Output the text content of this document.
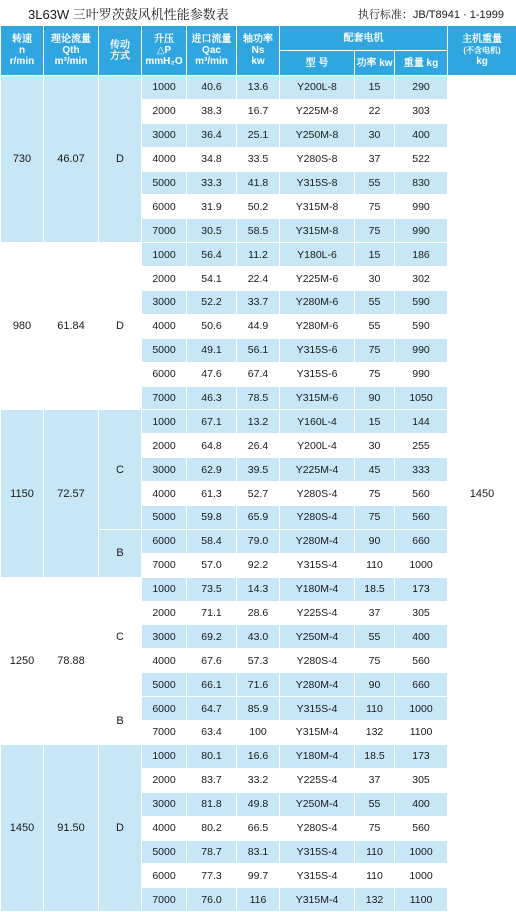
3L63W 三叶罗茨鼓风机性能参数表	执行标准：JB/T8941 · 1-1999
转速
n
r/min	理论流量
Qth
m³/min	传动
方式	升压
△P
mmH₂O	进口流量
Qac
m³/min	轴功率
Ns
kw	配套电机			主机重量
(不含电机)
kg
						型 号	功率 kw	重量 kg	
730	46.07	D	1000	40.6	13.6	Y200L-8	15	290	1450
			2000	38.3	16.7	Y225M-8	22	303	
			3000	36.4	25.1	Y250M-8	30	400	
			4000	34.8	33.5	Y280S-8	37	522	
			5000	33.3	41.8	Y315S-8	55	830	
			6000	31.9	50.2	Y315M-8	75	990	
			7000	30.5	58.5	Y315M-8	75	990	
980	61.84	D	1000	56.4	11.2	Y180L-6	15	186	
			2000	54.1	22.4	Y225M-6	30	302	
			3000	52.2	33.7	Y280M-6	55	590	
			4000	50.6	44.9	Y280M-6	55	590	
			5000	49.1	56.1	Y315S-6	75	990	
			6000	47.6	67.4	Y315S-6	75	990	
			7000	46.3	78.5	Y315M-6	90	1050	
1150	72.57	C	1000	67.1	13.2	Y160L-4	15	144	
			2000	64.8	26.4	Y200L-4	30	255	
			3000	62.9	39.5	Y225M-4	45	333	
			4000	61.3	52.7	Y280S-4	75	560	
			5000	59.8	65.9	Y280S-4	75	560	
		B	6000	58.4	79.0	Y280M-4	90	660	
			7000	57.0	92.2	Y315S-4	110	1000	
1250	78.88	C	1000	73.5	14.3	Y180M-4	18.5	173	
			2000	71.1	28.6	Y225S-4	37	305	
			3000	69.2	43.0	Y250M-4	55	400	
			4000	67.6	57.3	Y280S-4	75	560	
			5000	66.1	71.6	Y280M-4	90	660	
		B	6000	64.7	85.9	Y315S-4	110	1000	
			7000	63.4	100	Y315M-4	132	1100	
1450	91.50	D	1000	80.1	16.6	Y180M-4	18.5	173	
			2000	83.7	33.2	Y225S-4	37	305	
			3000	81.8	49.8	Y250M-4	55	400	
			4000	80.2	66.5	Y280S-4	75	560	
			5000	78.7	83.1	Y315S-4	110	1000	
			6000	77.3	99.7	Y315S-4	110	1000	
			7000	76.0	116	Y315M-4	132	1100	
